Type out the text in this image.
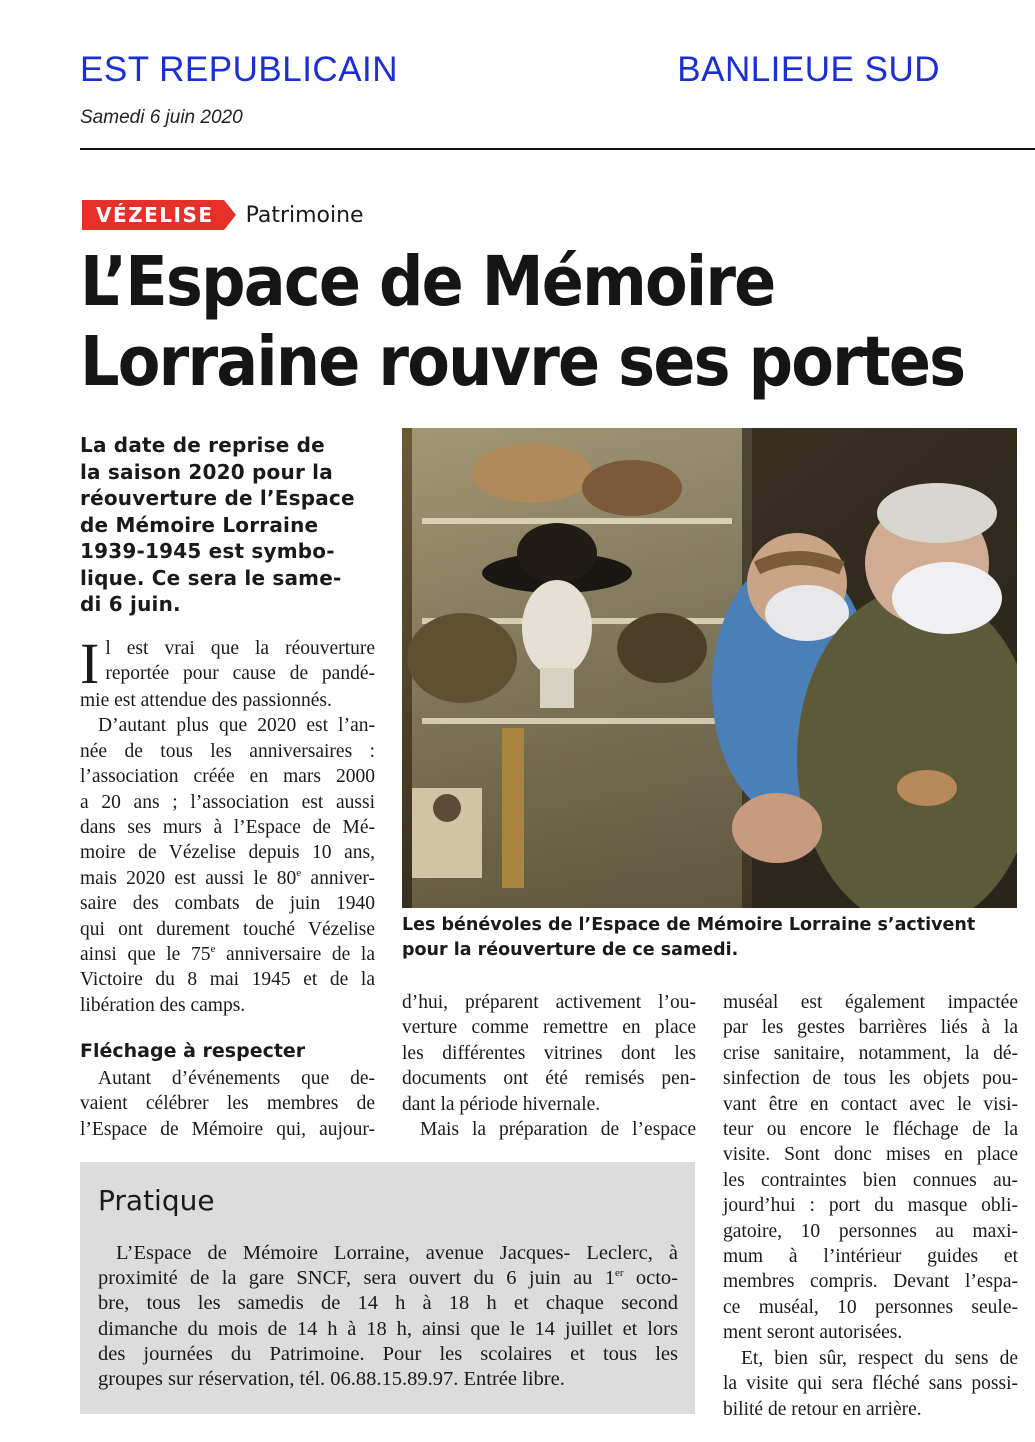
EST REPUBLICAIN	BANLIEUE SUD
Samedi 6 juin 2020
VÉZELISE	Patrimoine
L’Espace de Mémoire
Lorraine rouvre ses portes
La date de reprise de
la saison 2020 pour la
réouverture de l’Espace
de Mémoire Lorraine
1939-1945 est symbo-
lique. Ce sera le same-
di 6 juin.
Les bénévoles de l’Espace de Mémoire Lorraine s’activent pour la réouverture de ce samedi.
I l est vrai que la réouverture
reportée pour cause de pandé-
mie est attendue des passionnés.
D’autant plus que 2020 est l’an-
née de tous les anniversaires :
l’association créée en mars 2000
a 20 ans ; l’association est aussi
dans ses murs à l’Espace de Mé-
moire de Vézelise depuis 10 ans,
mais 2020 est aussi le 80e anniver-
saire des combats de juin 1940
qui ont durement touché Vézelise
ainsi que le 75e anniversaire de la
Victoire du 8 mai 1945 et de la
libération des camps.
Fléchage à respecter
Autant d’événements que de-
vaient célébrer les membres de
l’Espace de Mémoire qui, aujour-
d’hui, préparent activement l’ou-
verture comme remettre en place
les différentes vitrines dont les
documents ont été remisés pen-
dant la période hivernale.
Mais la préparation de l’espace
muséal est également impactée
par les gestes barrières liés à la
crise sanitaire, notamment, la dé-
sinfection de tous les objets pou-
vant être en contact avec le visi-
teur ou encore le fléchage de la
visite. Sont donc mises en place
les contraintes bien connues au-
jourd’hui : port du masque obli-
gatoire, 10 personnes au maxi-
mum à l’intérieur guides et
membres compris. Devant l’espa-
ce muséal, 10 personnes seule-
ment seront autorisées.
Et, bien sûr, respect du sens de
la visite qui sera fléché sans possi-
bilité de retour en arrière.
Pratique
L’Espace de Mémoire Lorraine, avenue Jacques- Leclerc, à
proximité de la gare SNCF, sera ouvert du 6 juin au 1er octo-
bre, tous les samedis de 14 h à 18 h et chaque second
dimanche du mois de 14 h à 18 h, ainsi que le 14 juillet et lors
des journées du Patrimoine. Pour les scolaires et tous les
groupes sur réservation, tél. 06.88.15.89.97. Entrée libre.
